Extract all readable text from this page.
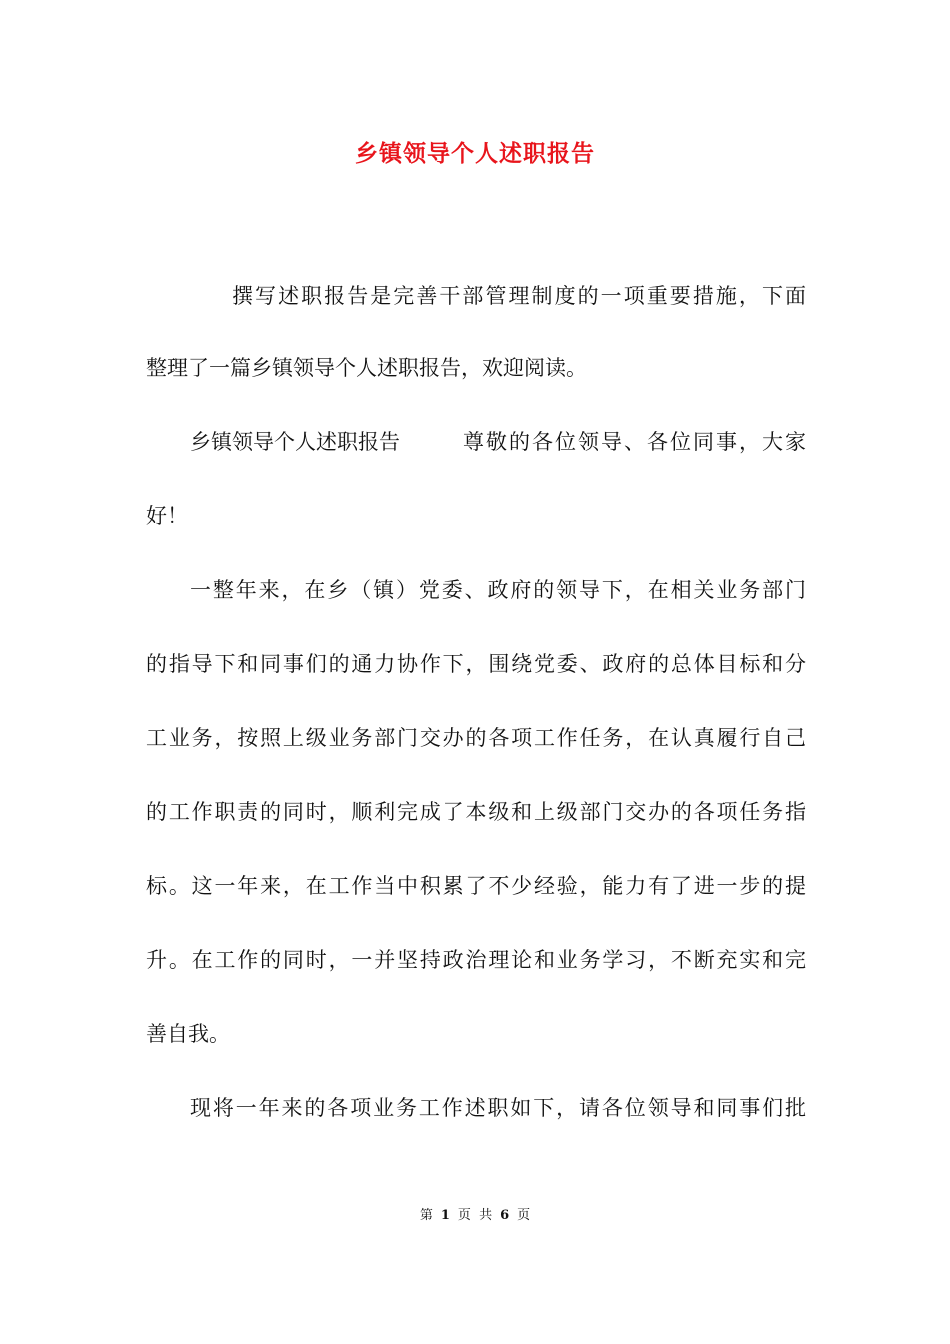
乡镇领导个人述职报告
撰写述职报告是完善干部管理制度的一项重要措施，下面
整理了一篇乡镇领导个人述职报告，欢迎阅读。
乡镇领导个人述职报告	尊敬的各位领导、各位同事，大家
好！
一整年来，在乡（镇）党委、政府的领导下，在相关业务部门
的指导下和同事们的通力协作下，围绕党委、政府的总体目标和分
工业务，按照上级业务部门交办的各项工作任务，在认真履行自己
的工作职责的同时，顺利完成了本级和上级部门交办的各项任务指
标。这一年来，在工作当中积累了不少经验，能力有了进一步的提
升。在工作的同时，一并坚持政治理论和业务学习，不断充实和完
善自我。
现将一年来的各项业务工作述职如下，请各位领导和同事们批
第 1 页 共 6 页
